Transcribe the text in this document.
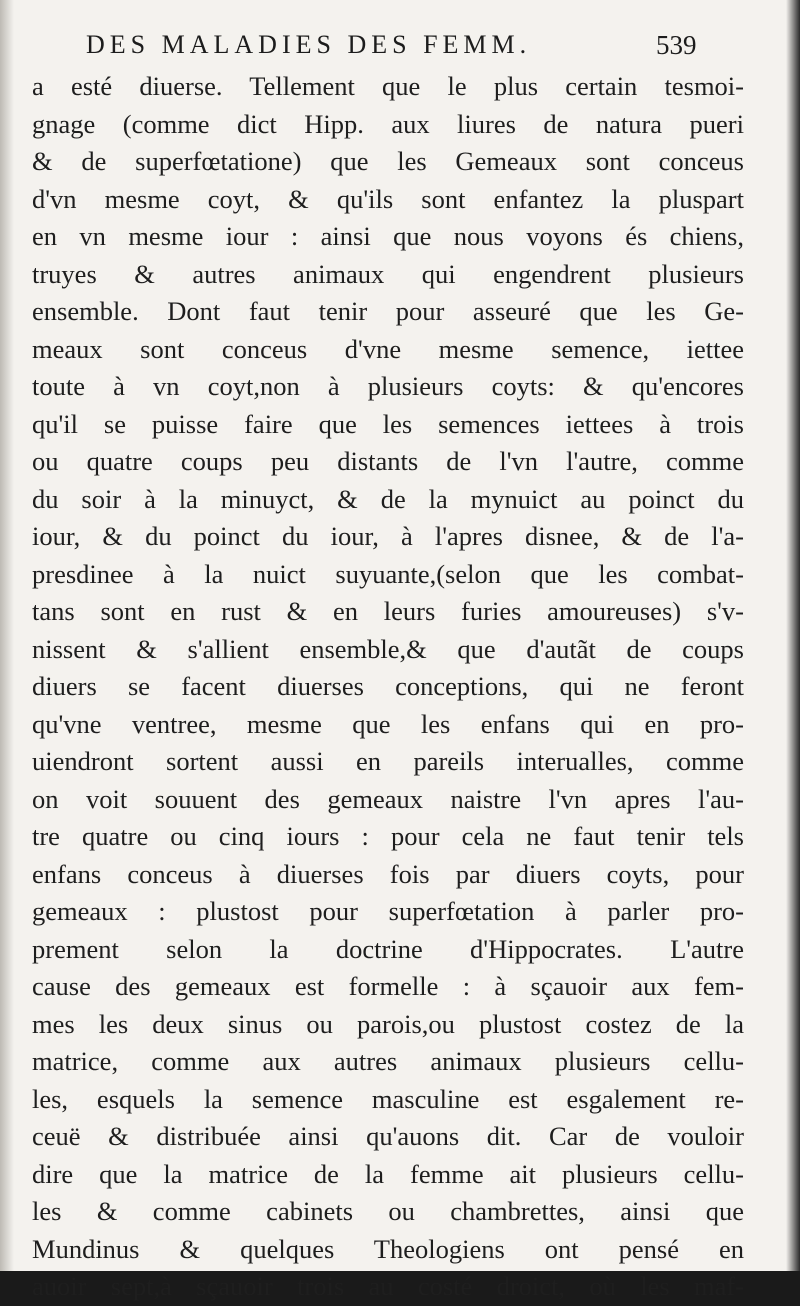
DES MALADIES DES FEMM.	539
a esté diuerse. Tellement que le plus certain tesmoi-
gnage (comme dict Hipp. aux liures de natura pueri
& de superfœtatione) que les Gemeaux sont conceus
d'vn mesme coyt, & qu'ils sont enfantez la pluspart
en vn mesme iour : ainsi que nous voyons és chiens,
truyes & autres animaux qui engendrent plusieurs
ensemble. Dont faut tenir pour asseuré que les Ge-
meaux sont conceus d'vne mesme semence, iettee
toute à vn coyt,non à plusieurs coyts: & qu'encores
qu'il se puisse faire que les semences iettees à trois
ou quatre coups peu distants de l'vn l'autre, comme
du soir à la minuyct, & de la mynuict au poinct du
iour, & du poinct du iour, à l'apres disnee, & de l'a-
presdinee à la nuict suyuante,(selon que les combat-
tans sont en rust & en leurs furies amoureuses) s'v-
nissent & s'allient ensemble,& que d'autãt de coups
diuers se facent diuerses conceptions, qui ne feront
qu'vne ventree, mesme que les enfans qui en pro-
uiendront sortent aussi en pareils interualles, comme
on voit souuent des gemeaux naistre l'vn apres l'au-
tre quatre ou cinq iours : pour cela ne faut tenir tels
enfans conceus à diuerses fois par diuers coyts, pour
gemeaux : plustost pour superfœtation à parler pro-
prement selon la doctrine d'Hippocrates. L'autre
cause des gemeaux est formelle : à sçauoir aux fem-
mes les deux sinus ou parois,ou plustost costez de la
matrice, comme aux autres animaux plusieurs cellu-
les, esquels la semence masculine est esgalement re-
ceuë & distribuée ainsi qu'auons dit. Car de vouloir
dire que la matrice de la femme ait plusieurs cellu-
les & comme cabinets ou chambrettes, ainsi que
Mundinus & quelques Theologiens ont pensé en
auoir sept,à sçauoir trois au costé droict, où les maf-
